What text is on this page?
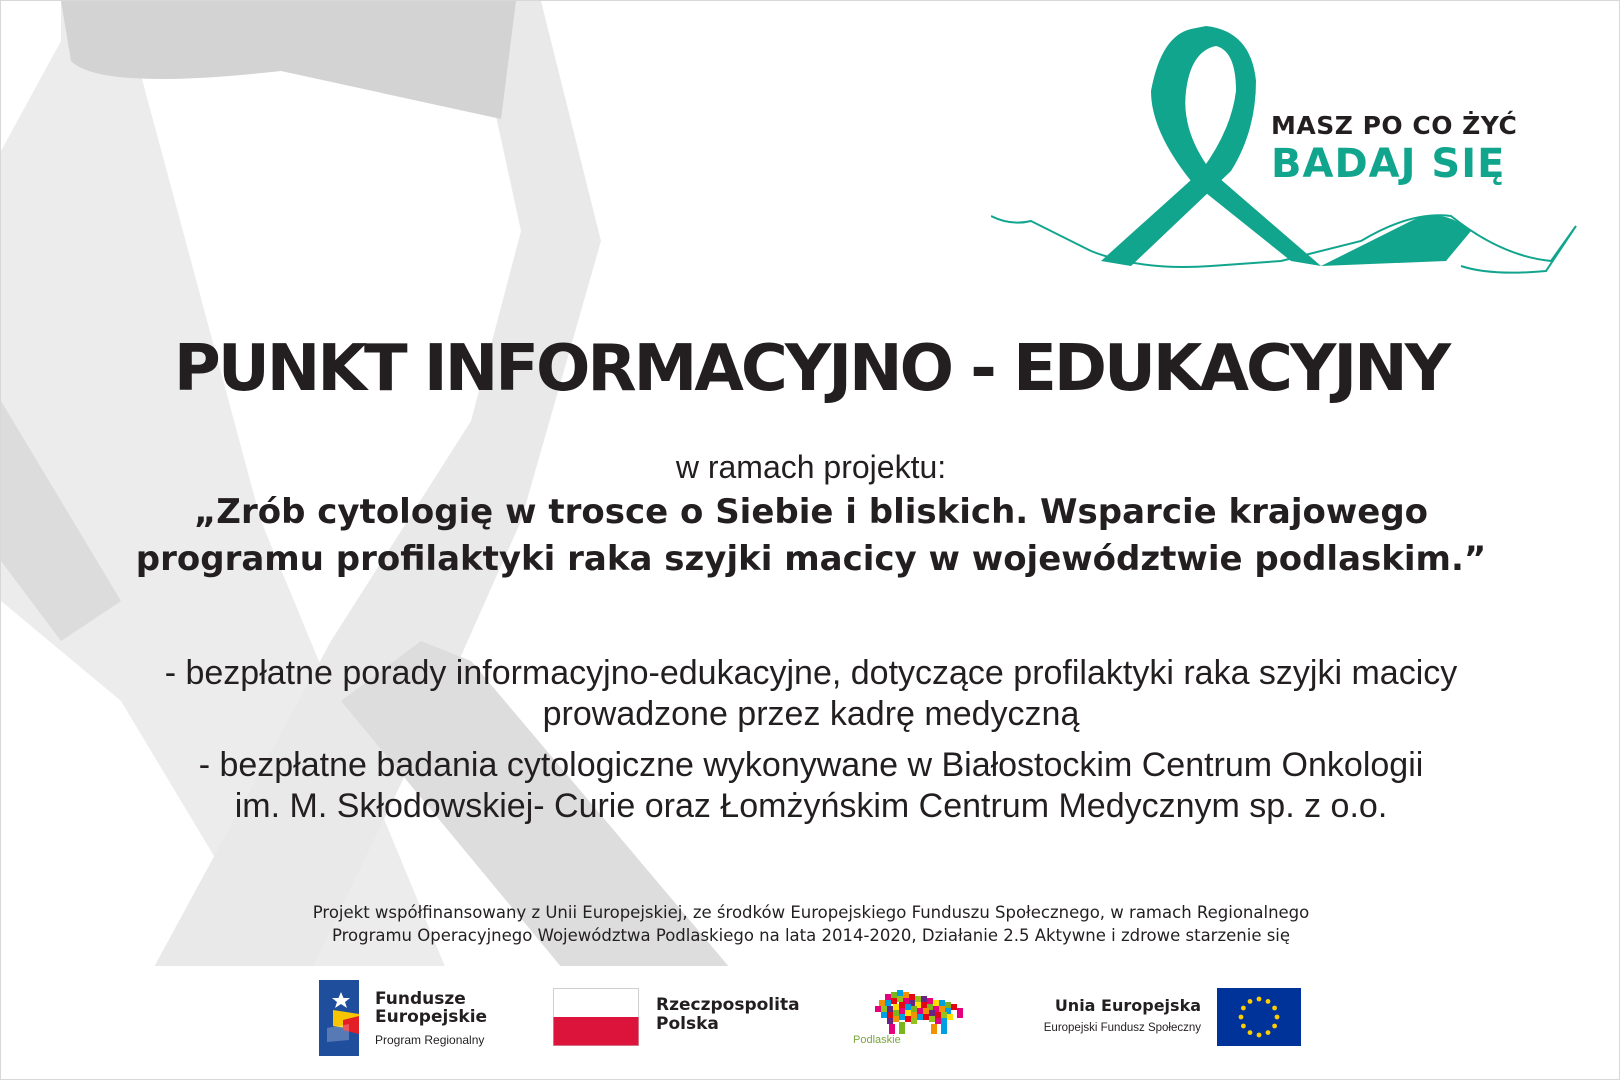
MASZ PO CO ŻYĆ
BADAJ SIĘ
PUNKT INFORMACYJNO - EDUKACYJNY
w ramach projektu:
„Zrób cytologię w trosce o Siebie i bliskich. Wsparcie krajowego
programu profilaktyki raka szyjki macicy w województwie podlaskim.”
- bezpłatne porady informacyjno-edukacyjne, dotyczące profilaktyki raka szyjki macicy
prowadzone przez kadrę medyczną
- bezpłatne badania cytologiczne wykonywane w Białostockim Centrum Onkologii
im. M. Skłodowskiej- Curie oraz Łomżyńskim Centrum Medycznym sp. z o.o.
Projekt współfinansowany z Unii Europejskiej, ze środków Europejskiego Funduszu Społecznego, w ramach Regionalnego
Programu Operacyjnego Województwa Podlaskiego na lata 2014-2020, Działanie 2.5 Aktywne i zdrowe starzenie się
Fundusze
Europejskie
Program Regionalny
Rzeczpospolita
Polska
Podlaskie
Unia Europejska
Europejski Fundusz Społeczny
